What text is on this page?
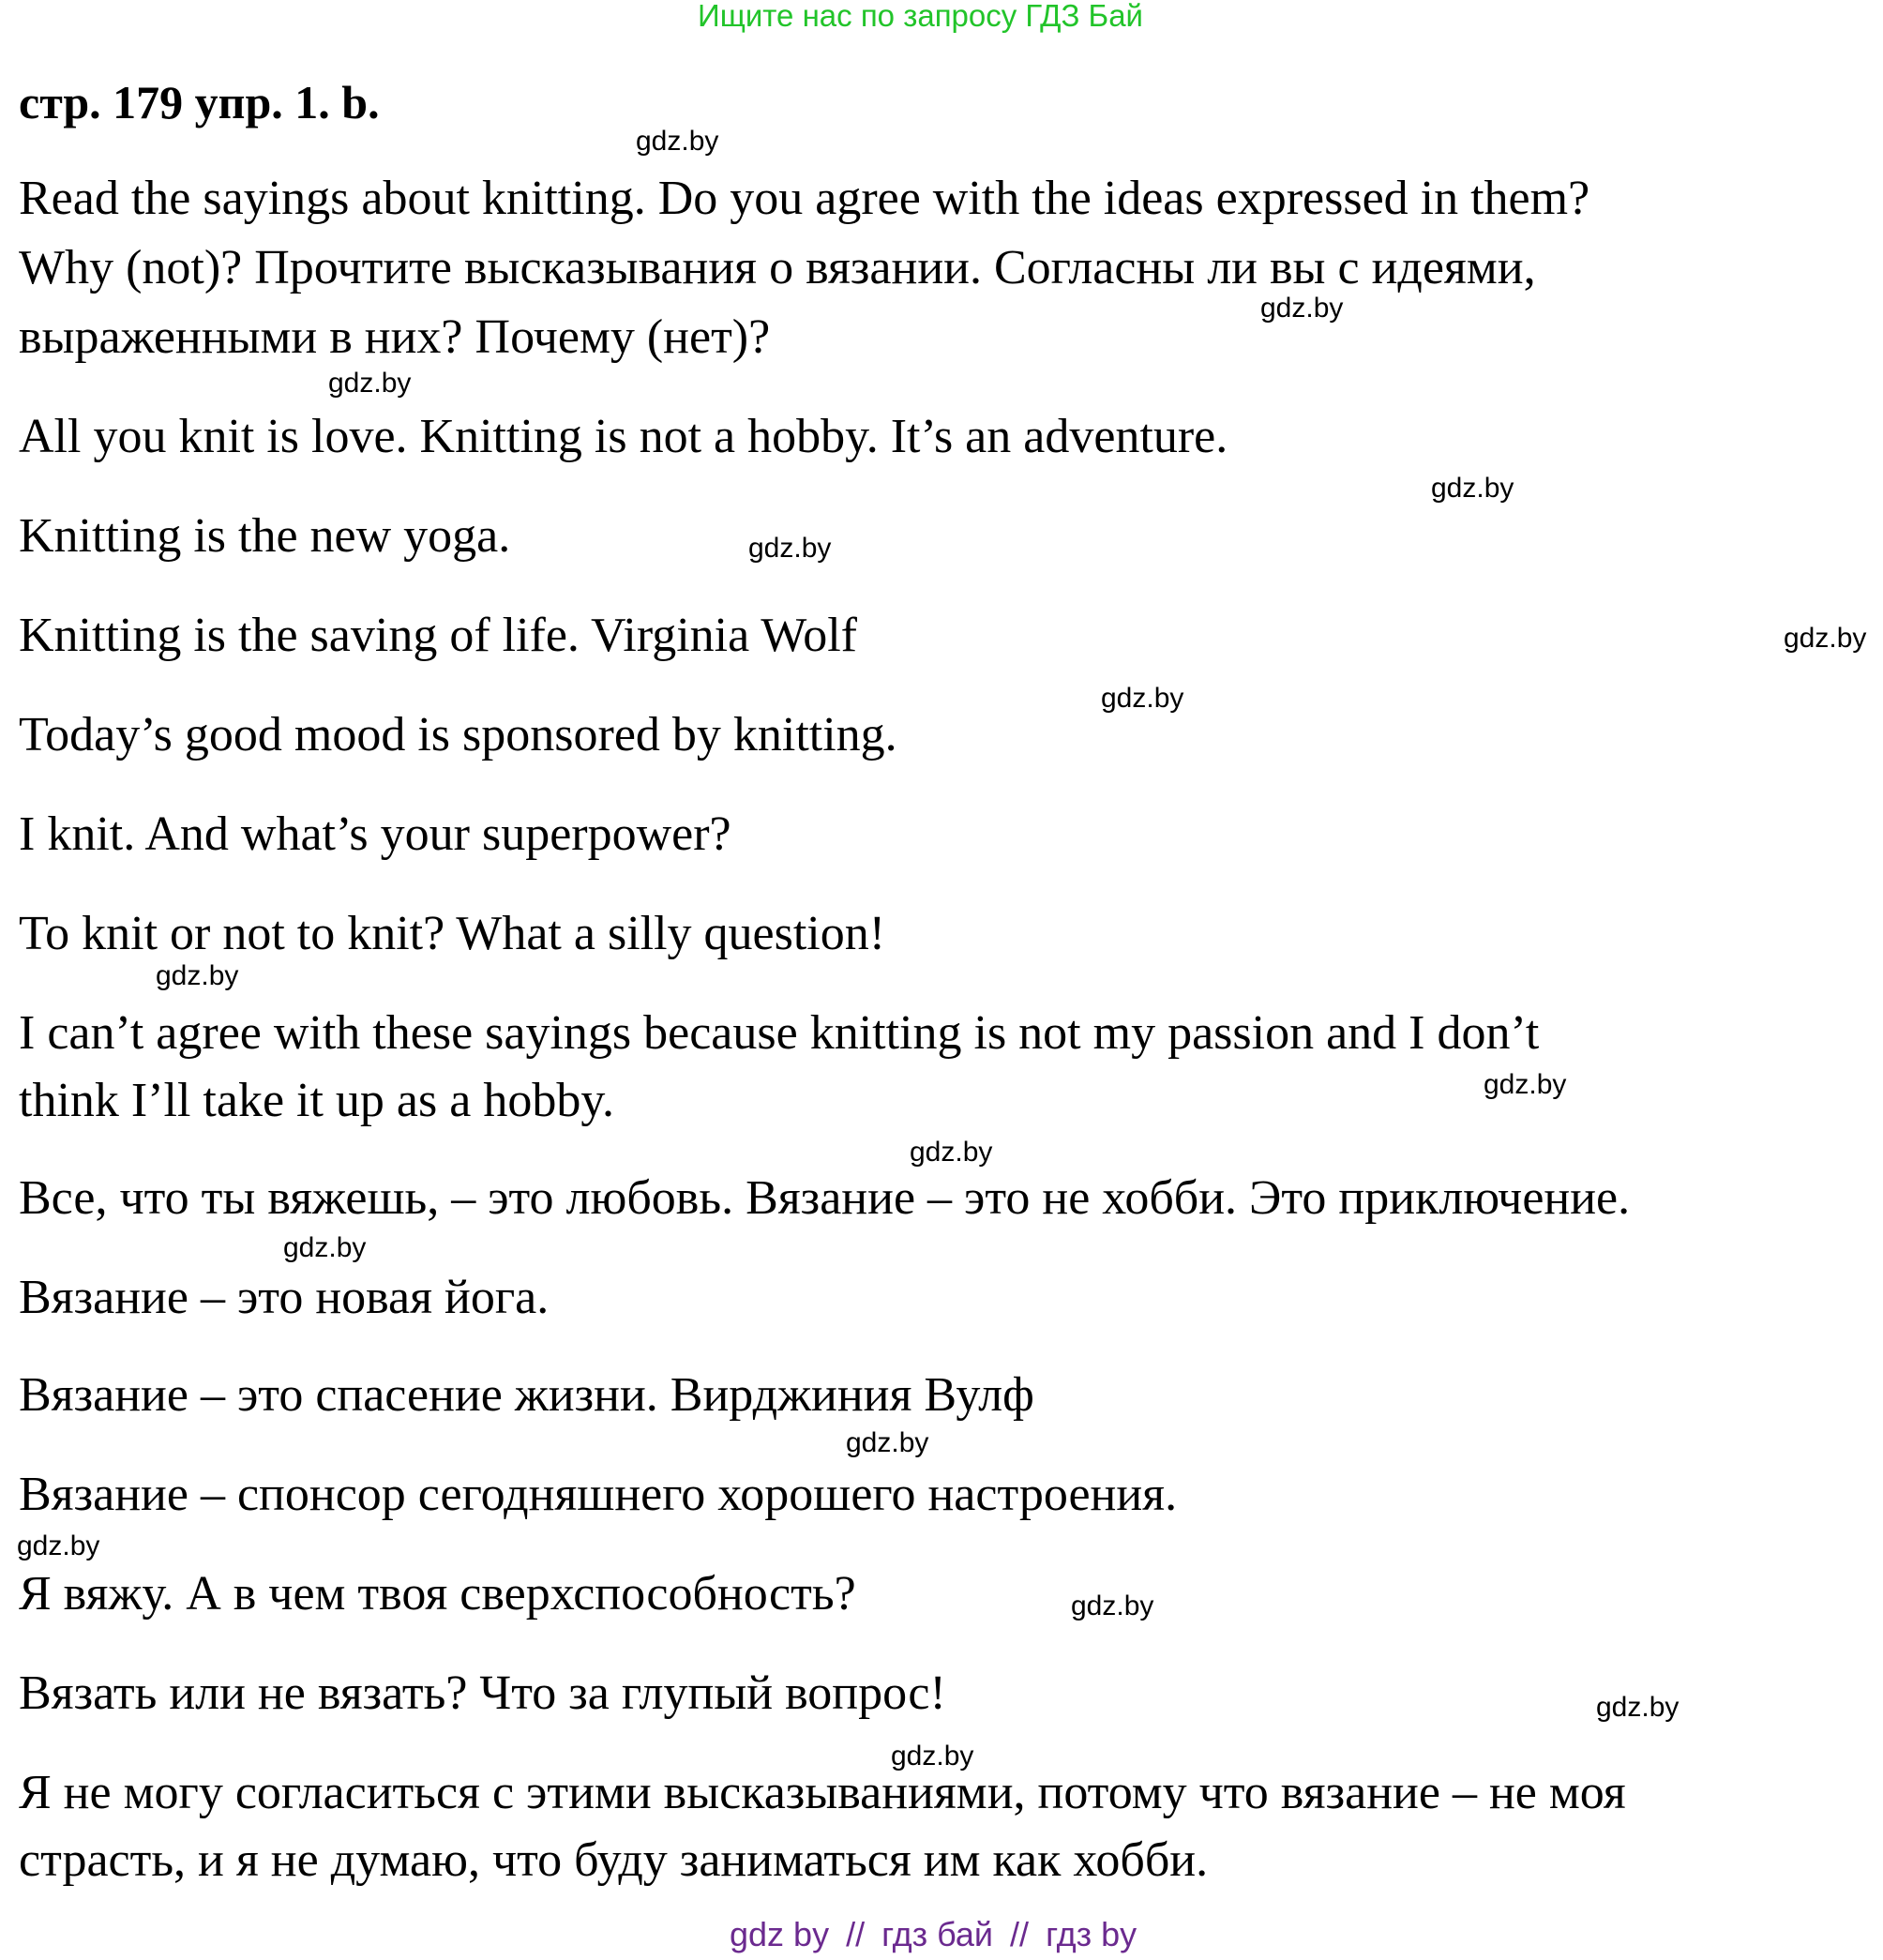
Ищите нас по запросу ГДЗ Бай
стр. 179 упр. 1. b.
Read the sayings about knitting. Do you agree with the ideas expressed in them?
Why (not)? Прочтите высказывания о вязании. Согласны ли вы с идеями,
выраженными в них? Почему (нет)?
All you knit is love. Knitting is not a hobby. It’s an adventure.
Knitting is the new yoga.
Knitting is the saving of life. Virginia Wolf
Today’s good mood is sponsored by knitting.
I knit. And what’s your superpower?
To knit or not to knit? What a silly question!
I can’t agree with these sayings because knitting is not my passion and I don’t
think I’ll take it up as a hobby.
Все, что ты вяжешь, – это любовь. Вязание – это не хобби. Это приключение.
Вязание – это новая йога.
Вязание – это спасение жизни. Вирджиния Вулф
Вязание – спонсор сегодняшнего хорошего настроения.
Я вяжу. А в чем твоя сверхспособность?
Вязать или не вязать? Что за глупый вопрос!
Я не могу согласиться с этими высказываниями, потому что вязание – не моя
страсть, и я не думаю, что буду заниматься им как хобби.
gdz.by
gdz.by
gdz.by
gdz.by
gdz.by
gdz.by
gdz.by
gdz.by
gdz.by
gdz.by
gdz.by
gdz.by
gdz.by
gdz.by
gdz.by
gdz.by
gdz by // гдз бай // гдз by
